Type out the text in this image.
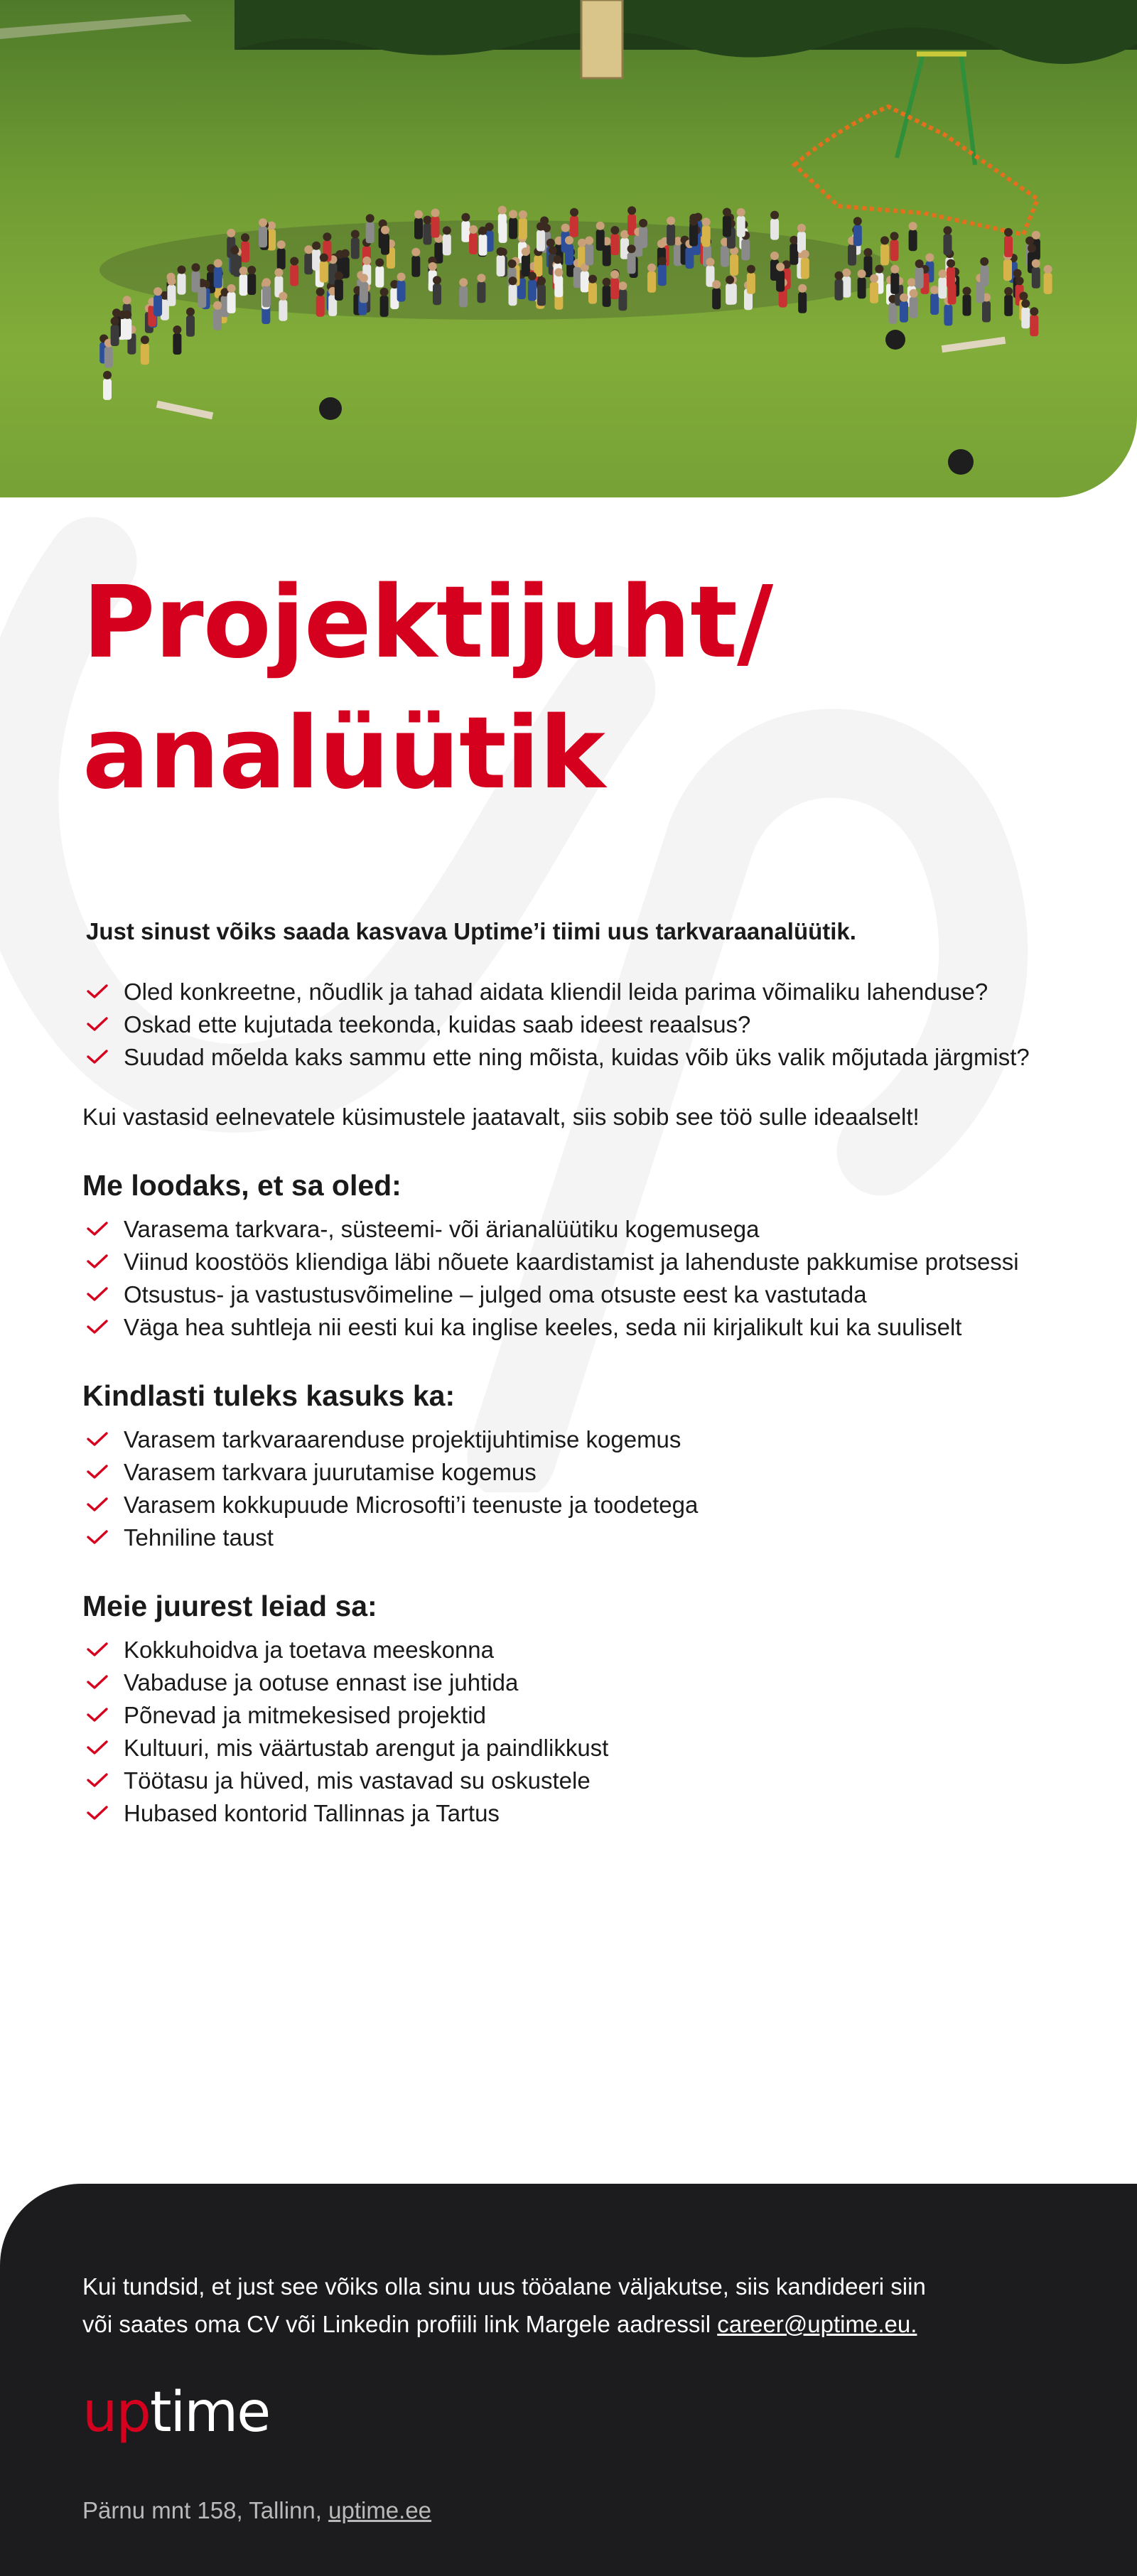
Projektijuht/
analüütik

Just sinust võiks saada kasvava Uptime’i tiimi uus tarkvaraanalüütik.

Oled konkreetne, nõudlik ja tahad aidata kliendil leida parima võimaliku lahenduse?
Oskad ette kujutada teekonda, kuidas saab ideest reaalsus?
Suudad mõelda kaks sammu ette ning mõista, kuidas võib üks valik mõjutada järgmist?

Kui vastasid eelnevatele küsimustele jaatavalt, siis sobib see töö sulle ideaalselt!

Me loodaks, et sa oled:
Varasema tarkvara-, süsteemi- või ärianalüütiku kogemusega
Viinud koostöös kliendiga läbi nõuete kaardistamist ja lahenduste pakkumise protsessi
Otsustus- ja vastustusvõimeline – julged oma otsuste eest ka vastutada
Väga hea suhtleja nii eesti kui ka inglise keeles, seda nii kirjalikult kui ka suuliselt
Kindlasti tuleks kasuks ka:
Varasem tarkvaraarenduse projektijuhtimise kogemus
Varasem tarkvara juurutamise kogemus
Varasem kokkupuude Microsofti’i teenuste ja toodetega
Tehniline taust
Meie juurest leiad sa:
Kokkuhoidva ja toetava meeskonna
Vabaduse ja ootuse ennast ise juhtida
Põnevad ja mitmekesised projektid
Kultuuri, mis väärtustab arengut ja paindlikkust
Töötasu ja hüved, mis vastavad su oskustele
Hubased kontorid Tallinnas ja Tartus

Kui tundsid, et just see võiks olla sinu uus tööalane väljakutse, siis kandideeri siin
või saates oma CV või Linkedin profiili link Margele aadressil career@uptime.eu.

uptime

Pärnu mnt 158, Tallinn, uptime.ee
